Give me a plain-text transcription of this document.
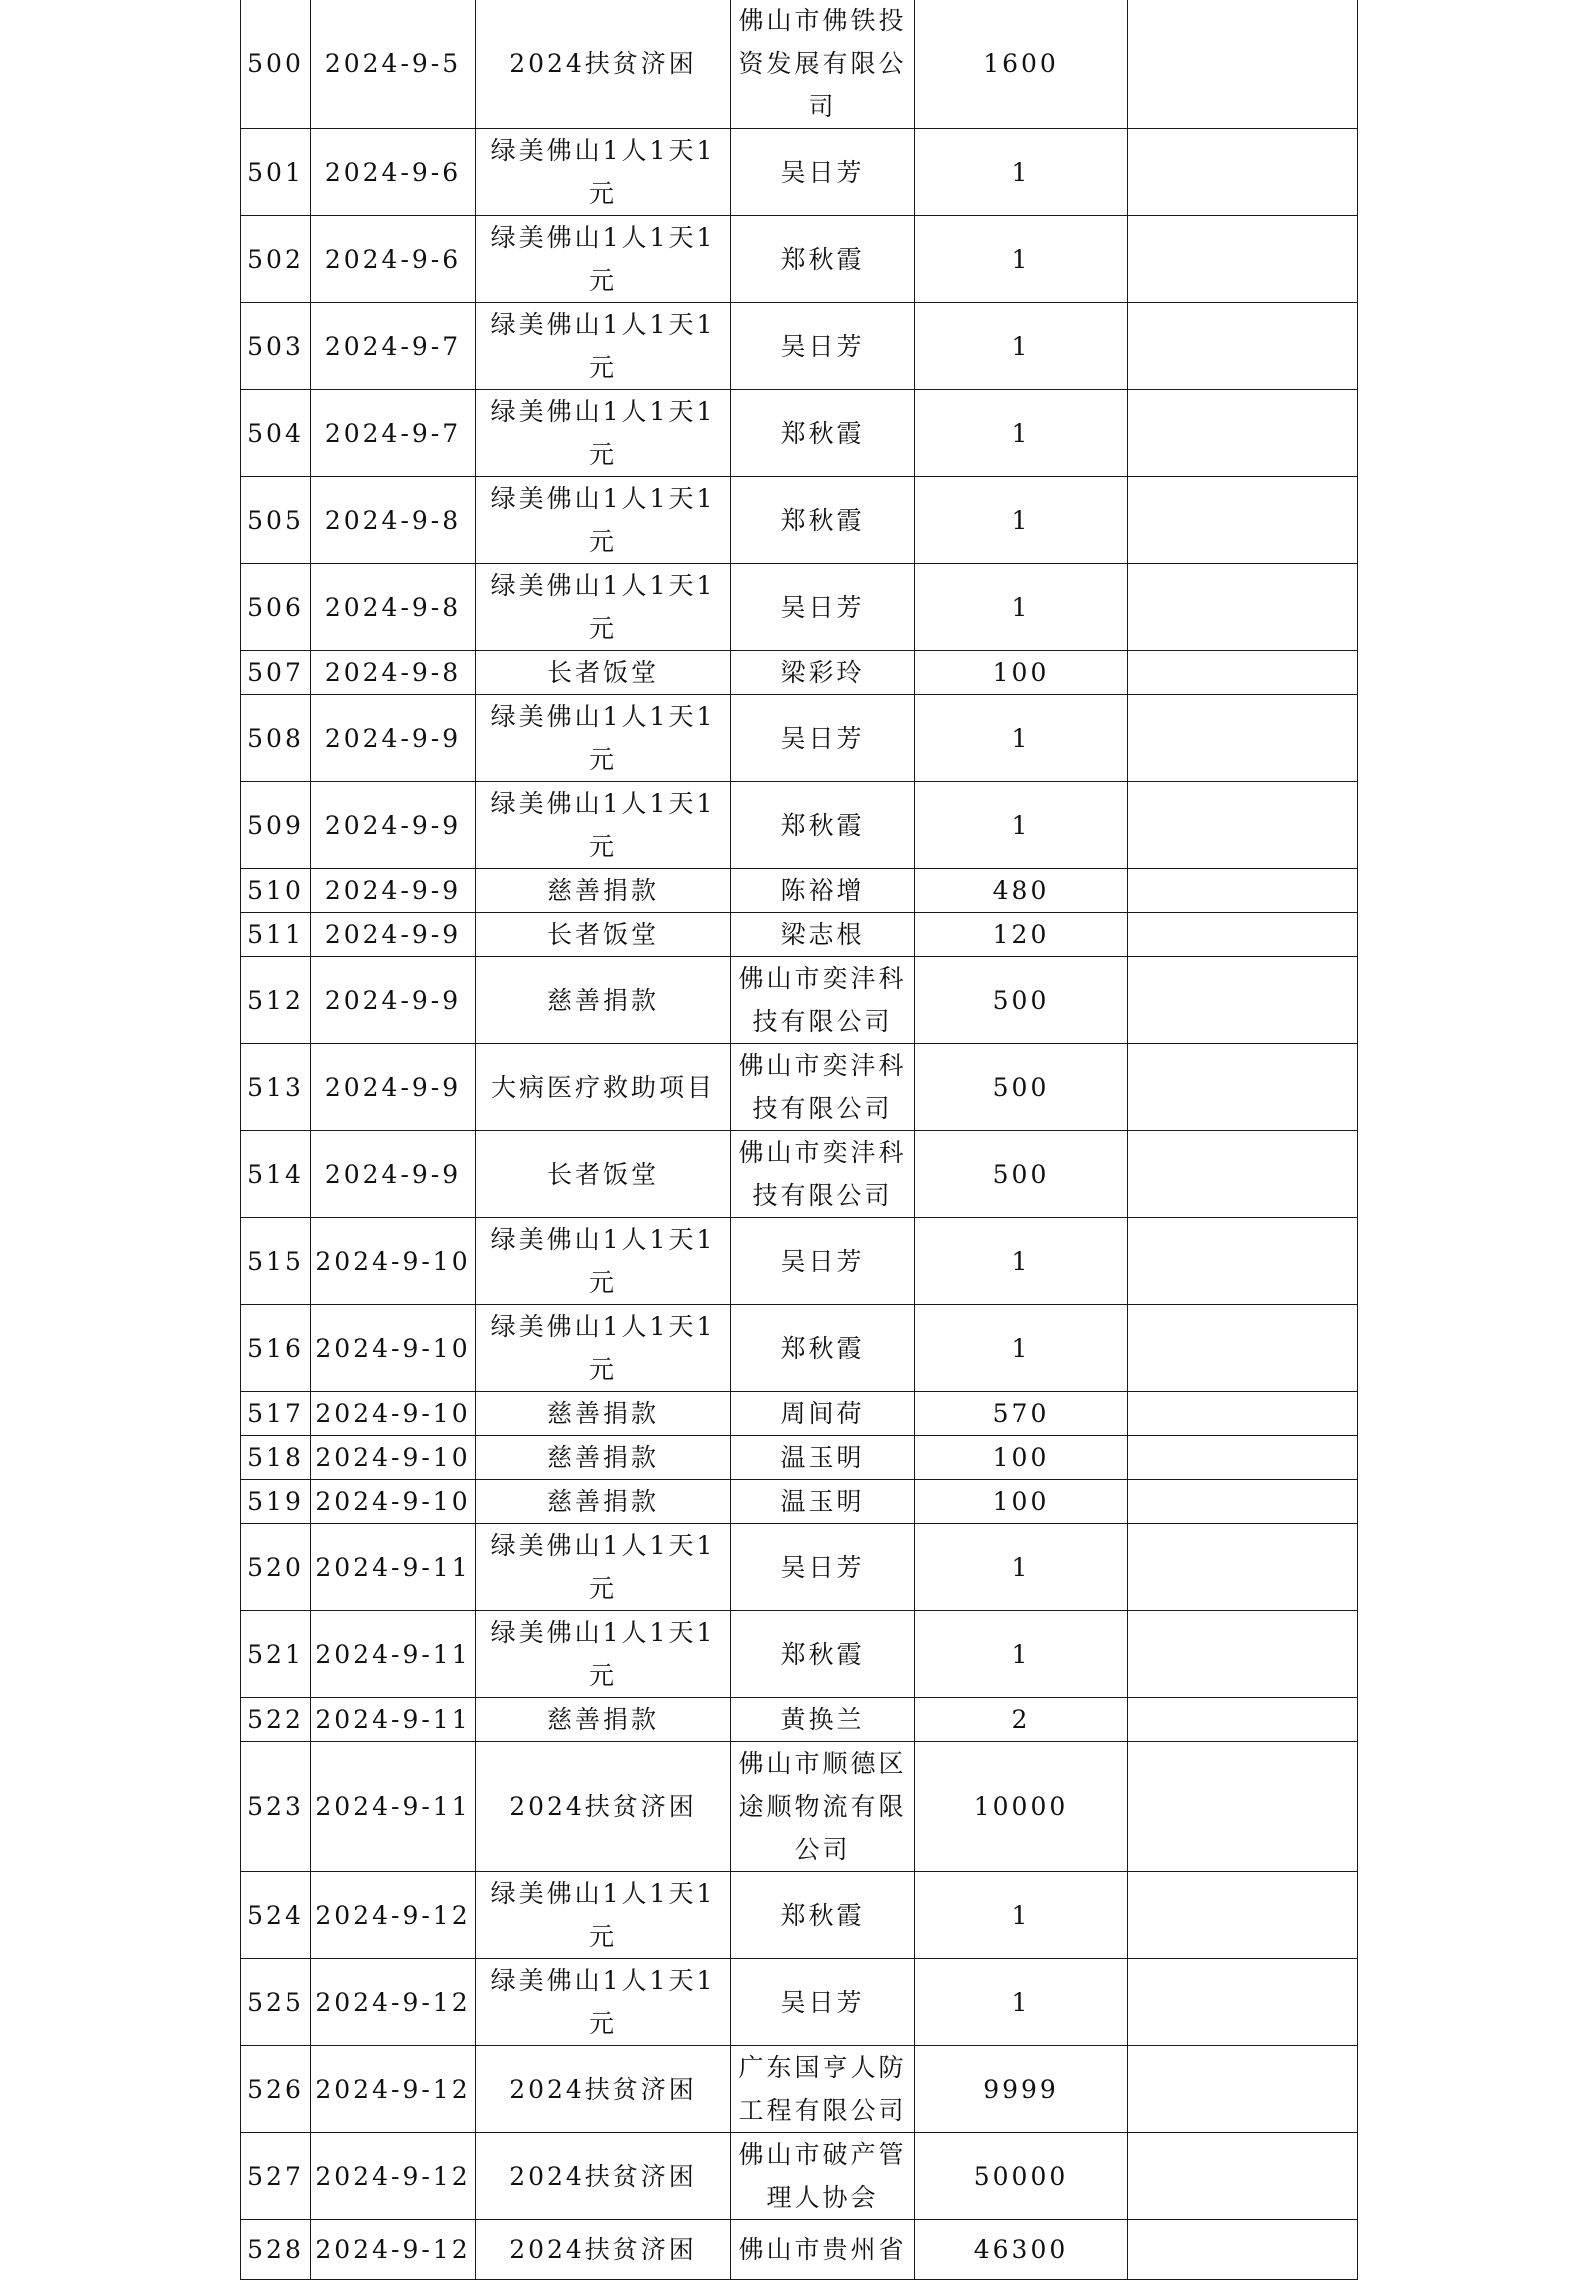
500	2024-9-5	2024扶贫济困	佛山市佛铁投资发展有限公司	1600	
501	2024-9-6	绿美佛山1人1天1元	吴日芳	1	
502	2024-9-6	绿美佛山1人1天1元	郑秋霞	1	
503	2024-9-7	绿美佛山1人1天1元	吴日芳	1	
504	2024-9-7	绿美佛山1人1天1元	郑秋霞	1	
505	2024-9-8	绿美佛山1人1天1元	郑秋霞	1	
506	2024-9-8	绿美佛山1人1天1元	吴日芳	1	
507	2024-9-8	长者饭堂	梁彩玲	100	
508	2024-9-9	绿美佛山1人1天1元	吴日芳	1	
509	2024-9-9	绿美佛山1人1天1元	郑秋霞	1	
510	2024-9-9	慈善捐款	陈裕增	480	
511	2024-9-9	长者饭堂	梁志根	120	
512	2024-9-9	慈善捐款	佛山市奕沣科技有限公司	500	
513	2024-9-9	大病医疗救助项目	佛山市奕沣科技有限公司	500	
514	2024-9-9	长者饭堂	佛山市奕沣科技有限公司	500	
515	2024-9-10	绿美佛山1人1天1元	吴日芳	1	
516	2024-9-10	绿美佛山1人1天1元	郑秋霞	1	
517	2024-9-10	慈善捐款	周间荷	570	
518	2024-9-10	慈善捐款	温玉明	100	
519	2024-9-10	慈善捐款	温玉明	100	
520	2024-9-11	绿美佛山1人1天1元	吴日芳	1	
521	2024-9-11	绿美佛山1人1天1元	郑秋霞	1	
522	2024-9-11	慈善捐款	黄换兰	2	
523	2024-9-11	2024扶贫济困	佛山市顺德区途顺物流有限公司	10000	
524	2024-9-12	绿美佛山1人1天1元	郑秋霞	1	
525	2024-9-12	绿美佛山1人1天1元	吴日芳	1	
526	2024-9-12	2024扶贫济困	广东国亨人防工程有限公司	9999	
527	2024-9-12	2024扶贫济困	佛山市破产管理人协会	50000	
528	2024-9-12	2024扶贫济困	佛山市贵州省	46300	
